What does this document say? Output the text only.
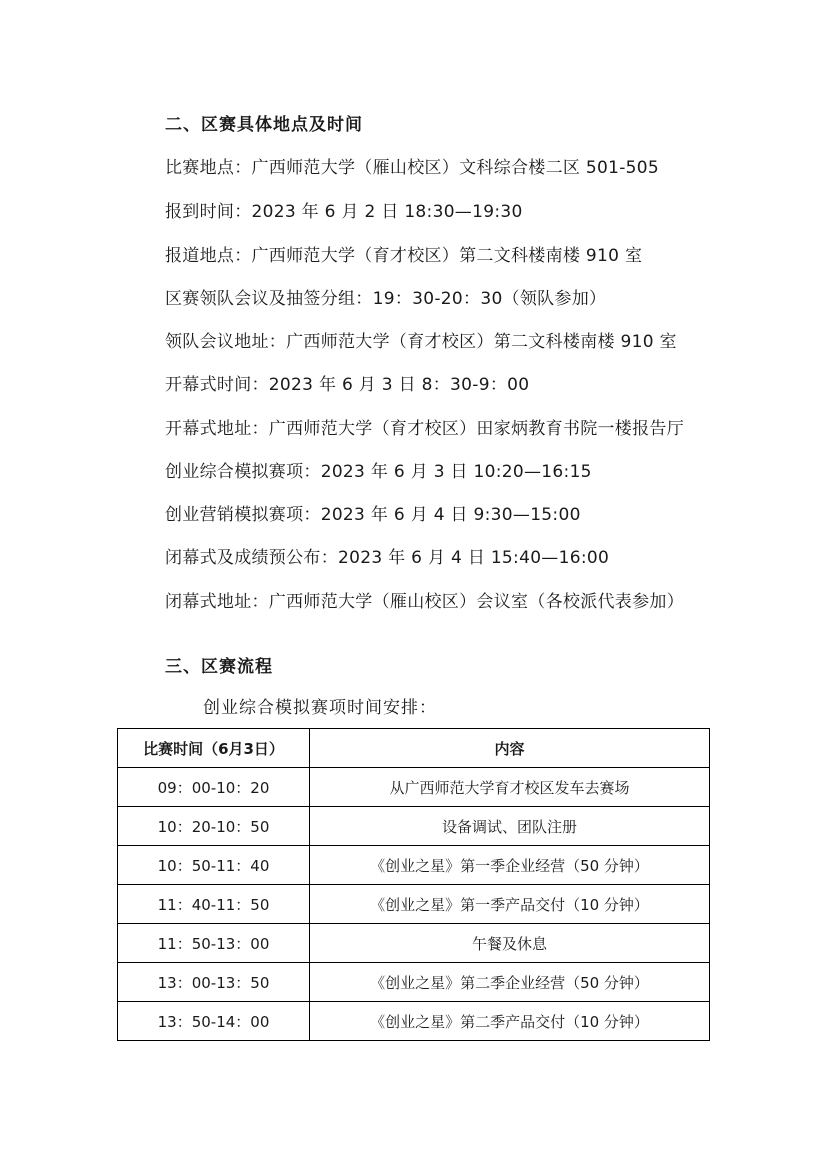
二、区赛具体地点及时间
比赛地点：广西师范大学（雁山校区）文科综合楼二区 501-505
报到时间：2023 年 6 月 2 日 18:30—19:30
报道地点：广西师范大学（育才校区）第二文科楼南楼 910 室
区赛领队会议及抽签分组：19：30-20：30（领队参加）
领队会议地址：广西师范大学（育才校区）第二文科楼南楼 910 室
开幕式时间：2023 年 6 月 3 日 8：30-9：00
开幕式地址：广西师范大学（育才校区）田家炳教育书院一楼报告厅
创业综合模拟赛项：2023 年 6 月 3 日 10:20—16:15
创业营销模拟赛项：2023 年 6 月 4 日 9:30—15:00
闭幕式及成绩预公布：2023 年 6 月 4 日 15:40—16:00
闭幕式地址：广西师范大学（雁山校区）会议室（各校派代表参加）
三、区赛流程
创业综合模拟赛项时间安排：
比赛时间（6月3日）	内容
09：00-10：20	从广西师范大学育才校区发车去赛场
10：20-10：50	设备调试、团队注册
10：50-11：40	《创业之星》第一季企业经营（50 分钟）
11：40-11：50	《创业之星》第一季产品交付（10 分钟）
11：50-13：00	午餐及休息
13：00-13：50	《创业之星》第二季企业经营（50 分钟）
13：50-14：00	《创业之星》第二季产品交付（10 分钟）
